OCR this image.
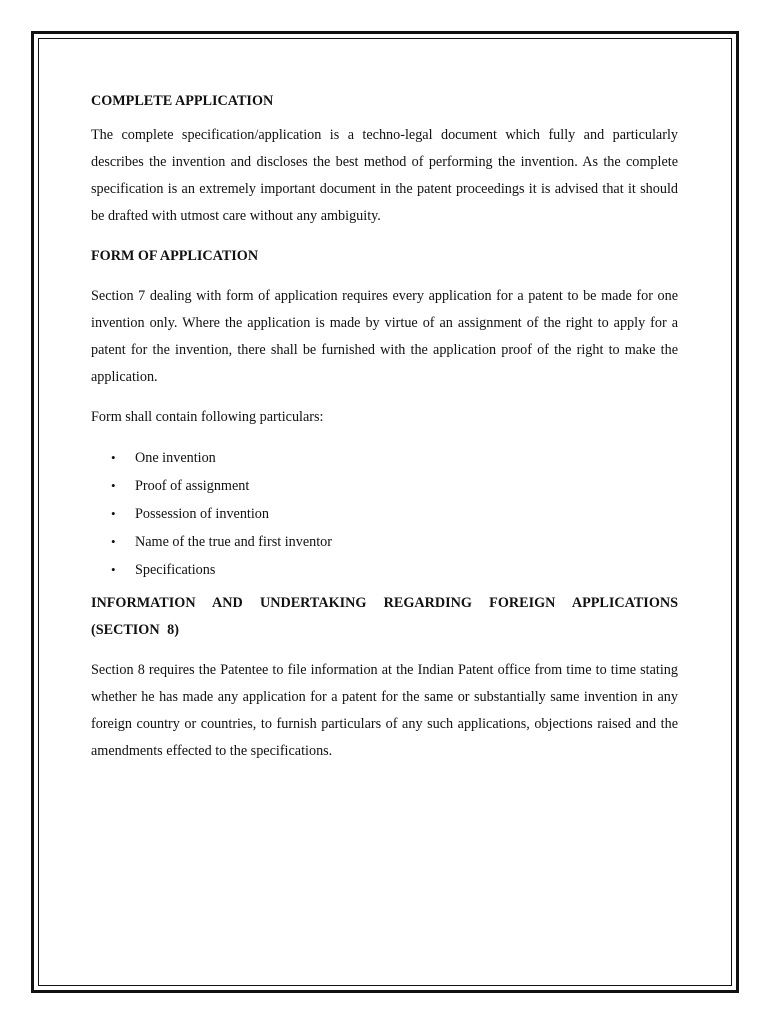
COMPLETE APPLICATION

The complete specification/application is a techno-legal document which fully and particularly describes the invention and discloses the best method of performing the invention. As the complete specification is an extremely important document in the patent proceedings it is advised that it should be drafted with utmost care without any ambiguity.

FORM OF APPLICATION

Section 7 dealing with form of application requires every application for a patent to be made for one invention only. Where the application is made by virtue of an assignment of the right to apply for a patent for the invention, there shall be furnished with the application proof of the right to make the application.

Form shall contain following particulars:

• One invention
• Proof of assignment
• Possession of invention
• Name of the true and first inventor
• Specifications
INFORMATION AND UNDERTAKING REGARDING FOREIGN APPLICATIONS (SECTION 8)

Section 8 requires the Patentee to file information at the Indian Patent office from time to time stating whether he has made any application for a patent for the same or substantially same invention in any foreign country or countries, to furnish particulars of any such applications, objections raised and the amendments effected to the specifications.
